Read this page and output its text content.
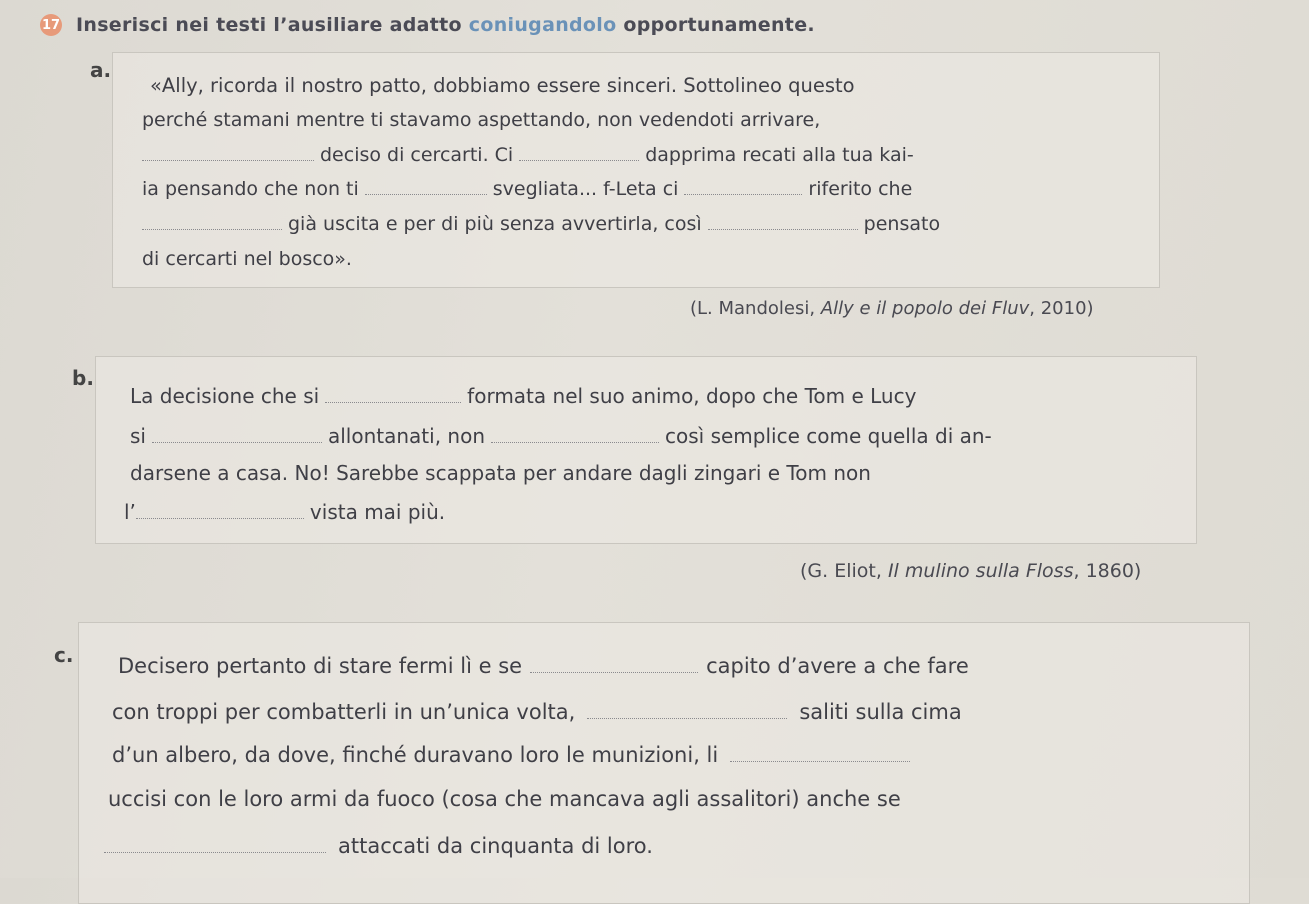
17 Inserisci nei testi l’ausiliare adatto coniugandolo opportunamente.
a.
«Ally, ricorda il nostro patto, dobbiamo essere sinceri. Sottolineo questo
perché stamani mentre ti stavamo aspettando, non vedendoti arrivare,
deciso di cercarti. Ci	dapprima recati alla tua kai-
ia pensando che non ti	svegliata... f-Leta ci	riferito che
già uscita e per di più senza avvertirla, così	pensato
di cercarti nel bosco».
(L. Mandolesi, Ally e il popolo dei Fluv, 2010)
b.
La decisione che si	formata nel suo animo, dopo che Tom e Lucy
si	allontanati, non	così semplice come quella di an-
darsene a casa. No! Sarebbe scappata per andare dagli zingari e Tom non
l’	vista mai più.
(G. Eliot, Il mulino sulla Floss, 1860)
c. Decisero pertanto di stare fermi lì e se	capito d’avere a che fare
con troppi per combatterli in un’unica volta,	saliti sulla cima
d’un albero, da dove, finché duravano loro le munizioni, li
uccisi con le loro armi da fuoco (cosa che mancava agli assalitori) anche se
attaccati da cinquanta di loro.
